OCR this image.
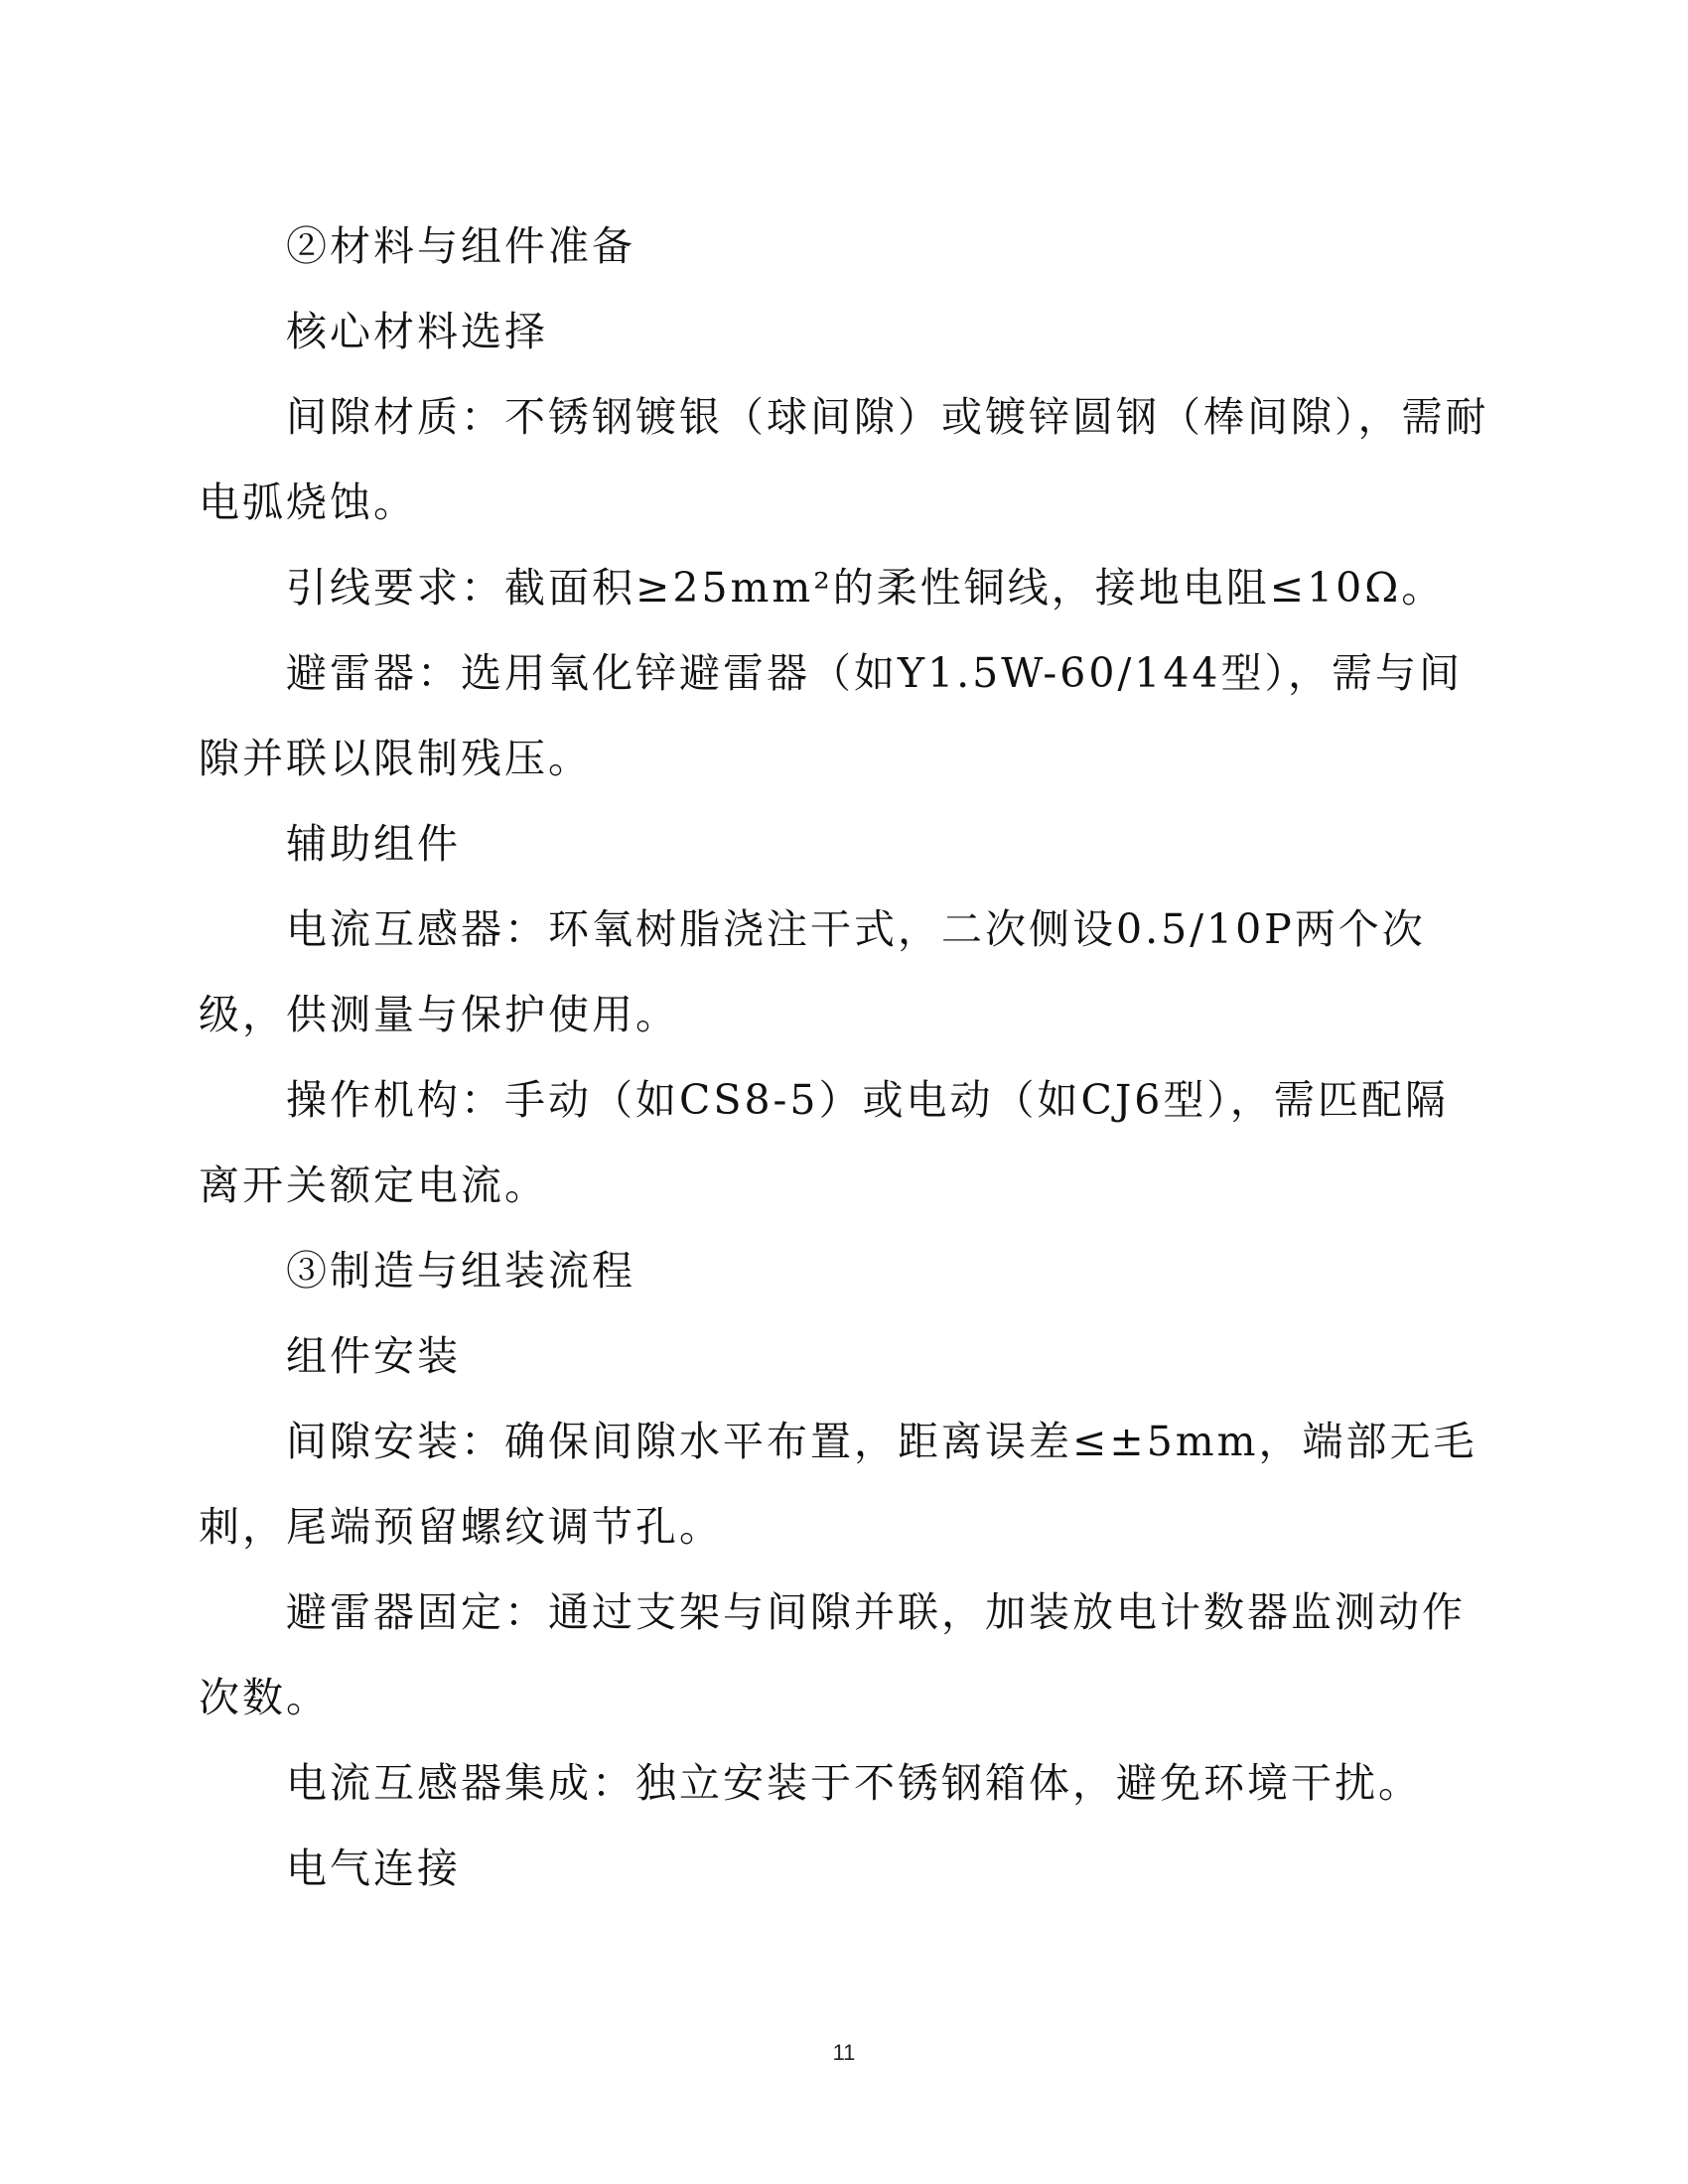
②材料与组件准备

核心材料选择

间隙材质：不锈钢镀银（球间隙）或镀锌圆钢（棒间隙），需耐电弧烧蚀。

引线要求：截面积≥25mm²的柔性铜线，接地电阻≤10Ω。

避雷器：选用氧化锌避雷器（如Y1.5W-60/144型），需与间隙并联以限制残压。

辅助组件

电流互感器：环氧树脂浇注干式，二次侧设0.5/10P两个次级，供测量与保护使用。

操作机构：手动（如CS8-5）或电动（如CJ6型），需匹配隔离开关额定电流。

③制造与组装流程

组件安装

间隙安装：确保间隙水平布置，距离误差≤±5mm，端部无毛刺，尾端预留螺纹调节孔。

避雷器固定：通过支架与间隙并联，加装放电计数器监测动作次数。

电流互感器集成：独立安装于不锈钢箱体，避免环境干扰。

电气连接

11
